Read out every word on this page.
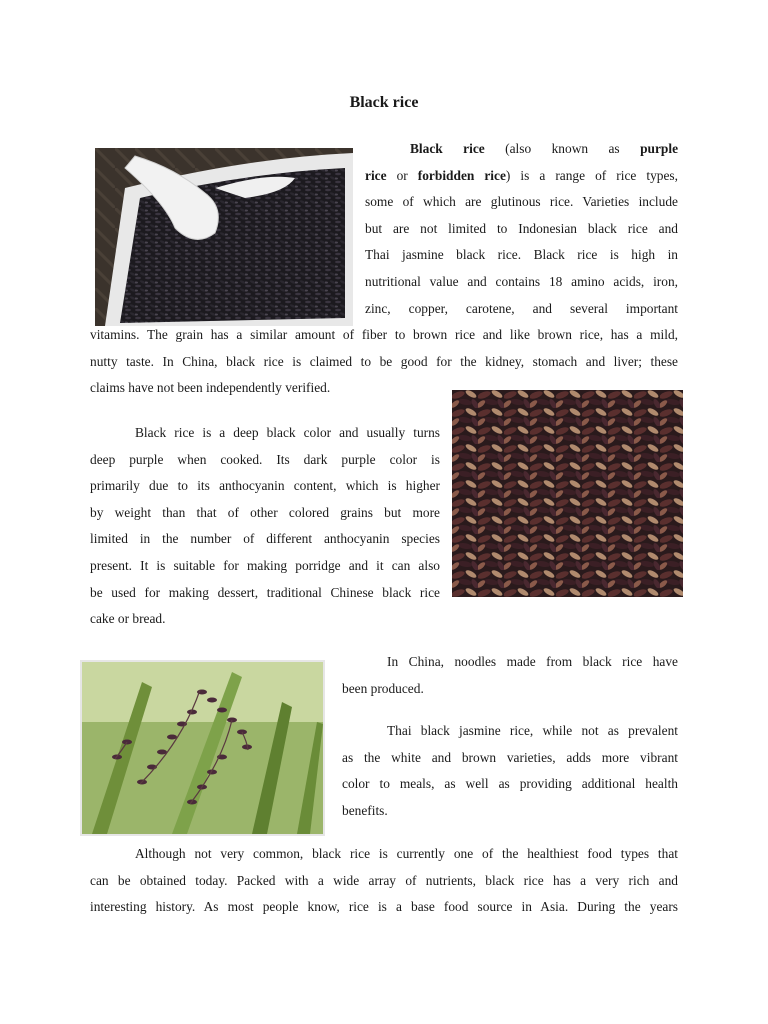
Black rice
Black rice (also known as purple
rice or forbidden rice) is a range of rice types,
some of which are glutinous rice. Varieties include
but are not limited to Indonesian black rice and
Thai jasmine black rice. Black rice is high in
nutritional value and contains 18 amino acids, iron,
zinc, copper, carotene, and several important
vitamins. The grain has a similar amount of fiber to brown rice and like brown rice, has a mild,
nutty taste. In China, black rice is claimed to be good for the kidney, stomach and liver; these
claims have not been independently verified.
Black rice is a deep black color and usually turns
deep purple when cooked. Its dark purple color is
primarily due to its anthocyanin content, which is higher
by weight than that of other colored grains but more
limited in the number of different anthocyanin species
present. It is suitable for making porridge and it can also
be used for making dessert, traditional Chinese black rice
cake or bread.
In China, noodles made from black rice have
been produced.
Thai black jasmine rice, while not as prevalent
as the white and brown varieties, adds more vibrant
color to meals, as well as providing additional health
benefits.
Although not very common, black rice is currently one of the healthiest food types that
can be obtained today. Packed with a wide array of nutrients, black rice has a very rich and
interesting history. As most people know, rice is a base food source in Asia. During the years
